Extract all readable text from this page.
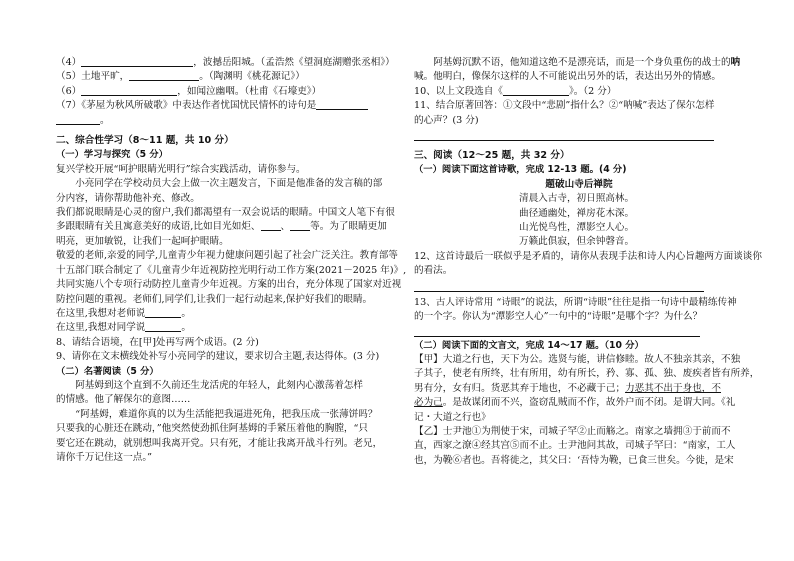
（4）	，波撼岳阳城。（孟浩然《望洞庭湖赠张丞相》）

（5）土地平旷，	。（陶渊明《桃花源记》）

（6）	，如闻泣幽咽。（杜甫《石壕吏》）

（7）《茅屋为秋风所破歌》中表达作者忧国忧民情怀的诗句是

。

二、综合性学习（8～11 题，共 10 分）

（一）学习与探究（5 分）

复兴学校开展“呵护眼睛光明行”综合实践活动，请你参与。

小亮同学在学校动员大会上做一次主题发言，下面是他准备的发言稿的部

分内容，请你帮助他补充、修改。

我们都说眼睛是心灵的窗户,我们都渴望有一双会说话的眼睛。中国文人笔下有很

多跟眼睛有关且寓意美好的成语,比如目光如炬、 、 等。为了眼睛更加

明亮，更加敏锐，让我们一起呵护眼睛。

敬爱的老师,亲爱的同学,儿童青少年视力健康问题引起了社会广泛关注。教育部等

十五部门联合制定了《儿童青少年近视防控光明行动工作方案(2021－2025 年)》,

共同实施八个专项行动防控儿童青少年近视。方案的出台，充分体现了国家对近视

防控问题的重视。老师们,同学们,让我们一起行动起来,保护好我们的眼睛。

在这里,我想对老师说	。

在这里,我想对同学说	。

8、请结合语境，在[甲]处再写两个成语。(2 分)

9、请你在文末横线处补写小亮同学的建议，要求切合主题,表达得体。(3 分)

（二）名著阅读（5 分）

阿基姆到这个直到不久前还生龙活虎的年轻人，此刻内心激荡着怎样

的情感。他了解保尔的意图……

“阿基姆，难道你真的以为生活能把我逼进死角，把我压成一张薄饼吗？

只要我的心脏还在跳动，”他突然使劲抓住阿基姆的手紧压着他的胸膛，“只

要它还在跳动，就别想叫我离开党。只有死，才能让我离开战斗行列。老兄，

请你千万记住这一点。”

阿基姆沉默不语，他知道这绝不是漂亮话，而是一个身负重伤的战士的呐

喊。他明白，像保尔这样的人不可能说出另外的话，表达出另外的情感。

10、以上文段选自《	》。（2 分）

11、结合原著回答：①文段中“悲剧”指什么？②“呐喊”表达了保尔怎样

的心声？(3 分)

三、阅读（12～25 题，共 32 分）

（一）阅读下面这首诗歌，完成 12-13 题。(4 分)

题破山寺后禅院

清晨入古寺，初日照高林。

曲径通幽处，禅房花木深。

山光悦鸟性，潭影空人心。

万籁此俱寂，但余钟磬音。

12、这首诗最后一联似乎是矛盾的，请你从表现手法和诗人内心旨趣两方面谈谈你

的看法。

13、古人评诗常用 “诗眼”的说法，所谓“诗眼”往往是指一句诗中最精练传神

的一个字。你认为“潭影空人心”一句中的“诗眼”是哪个字？为什么？

（二）阅读下面的文言文，完成 14～17 题。（10 分）

【甲】大道之行也，天下为公。选贤与能，讲信修睦。故人不独亲其亲，不独

子其子，使老有所终，壮有所用，幼有所长，矜、寡、孤、独、废疾者皆有所养，

男有分，女有归。货恶其弃于地也，不必藏于己；力恶其不出于身也，不

必为己。是故谋闭而不兴，盗窃乱贼而不作，故外户而不闭。是谓大同。《礼

记・大道之行也》

【乙】士尹池①为荆使于宋，司城子罕②止而觞之。南家之墙拥③于前而不

直，西家之潦④经其宫⑤而不止。士尹池问其故，司城子罕曰：“南家，工人

也，为鞔⑥者也。吾将徙之，其父曰：‘吾恃为鞔，已食三世矣。今徙，是宋
